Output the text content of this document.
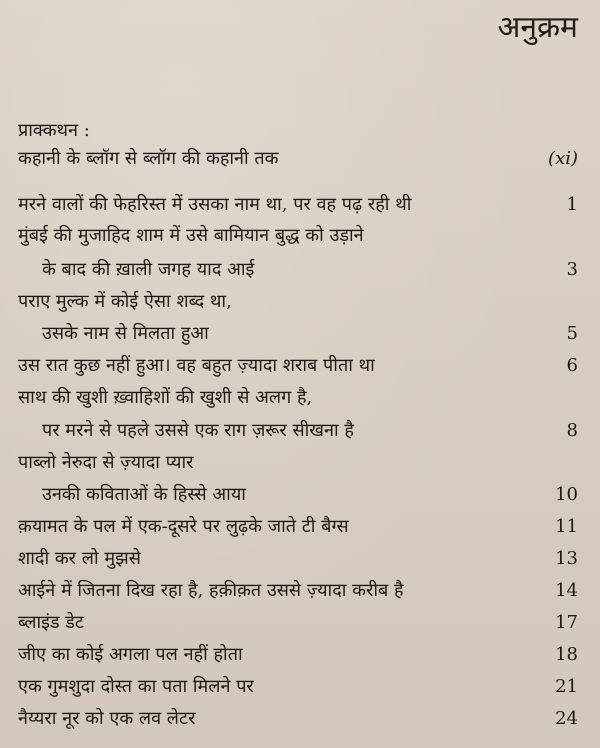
अनुक्रम
प्राक्कथन :
कहानी के ब्लॉग से ब्लॉग की कहानी तक	(xi)
मरने वालों की फेहरिस्त में उसका नाम था, पर वह पढ़ रही थी	1
मुंबई की मुजाहिद शाम में उसे बामियान बुद्ध को उड़ाने
के बाद की ख़ाली जगह याद आई	3
पराए मुल्क में कोई ऐसा शब्द था,
उसके नाम से मिलता हुआ	5
उस रात कुछ नहीं हुआ। वह बहुत ज़्यादा शराब पीता था	6
साथ की खुशी ख़्वाहिशों की खुशी से अलग है,
पर मरने से पहले उससे एक राग ज़रूर सीखना है	8
पाब्लो नेरुदा से ज़्यादा प्यार
उनकी कविताओं के हिस्से आया	10
क़यामत के पल में एक-दूसरे पर लुढ़के जाते टी बैग्स	11
शादी कर लो मुझसे	13
आईने में जितना दिख रहा है, हक़ीक़त उससे ज़्यादा करीब है	14
ब्लाइंड डेट	17
जीए का कोई अगला पल नहीं होता	18
एक गुमशुदा दोस्त का पता मिलने पर	21
नैय्यरा नूर को एक लव लेटर	24
